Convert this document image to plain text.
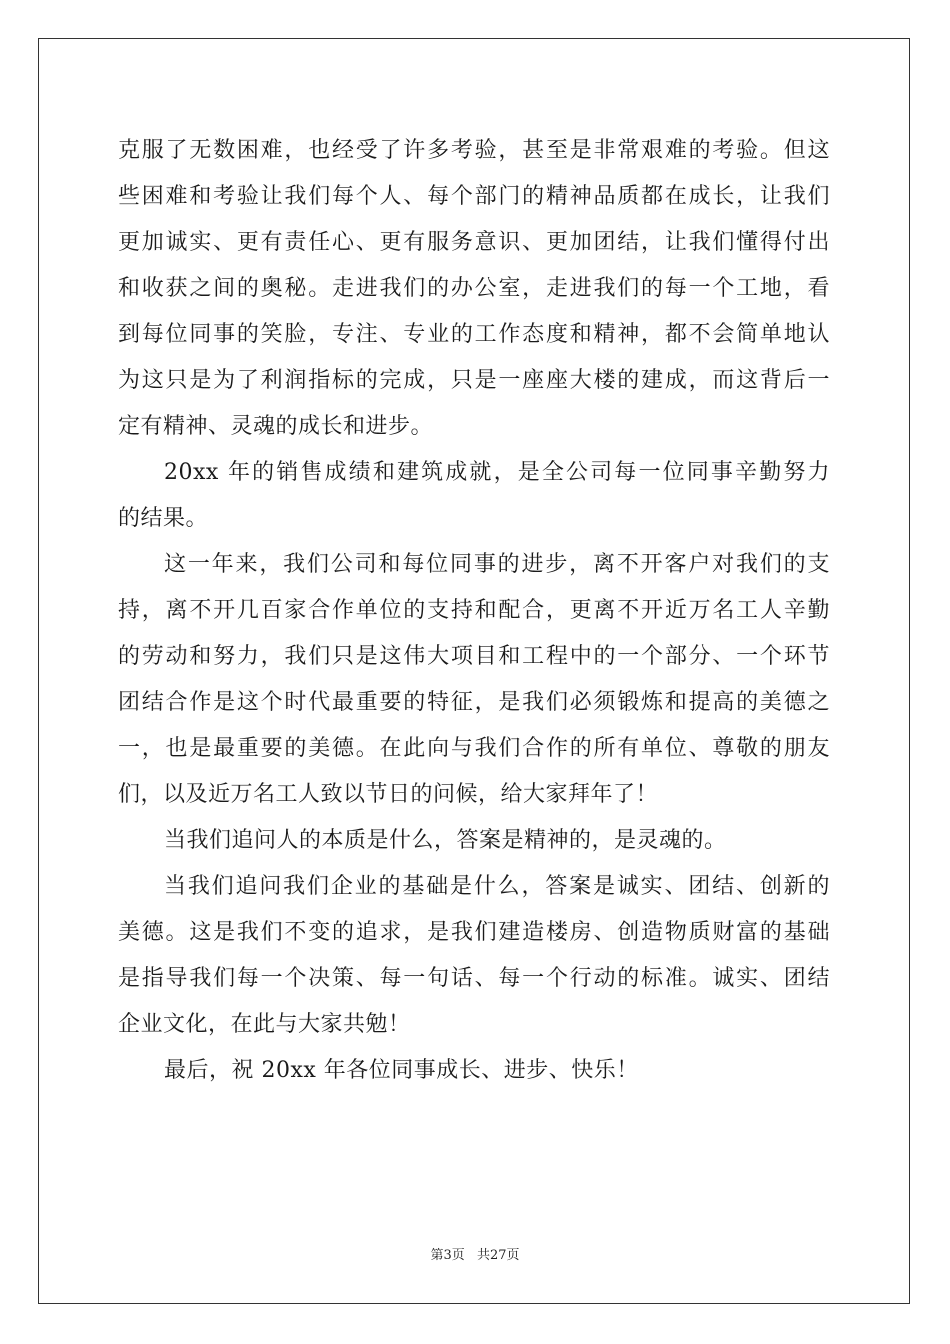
克服了无数困难，也经受了许多考验，甚至是非常艰难的考验。但这
些困难和考验让我们每个人、每个部门的精神品质都在成长，让我们
更加诚实、更有责任心、更有服务意识、更加团结，让我们懂得付出
和收获之间的奥秘。走进我们的办公室，走进我们的每一个工地，看
到每位同事的笑脸，专注、专业的工作态度和精神，都不会简单地认
为这只是为了利润指标的完成，只是一座座大楼的建成，而这背后一
定有精神、灵魂的成长和进步。
20xx 年的销售成绩和建筑成就，是全公司每一位同事辛勤努力
的结果。
这一年来，我们公司和每位同事的进步，离不开客户对我们的支
持，离不开几百家合作单位的支持和配合，更离不开近万名工人辛勤
的劳动和努力，我们只是这伟大项目和工程中的一个部分、一个环节
团结合作是这个时代最重要的特征，是我们必须锻炼和提高的美德之
一，也是最重要的美德。在此向与我们合作的所有单位、尊敬的朋友
们，以及近万名工人致以节日的问候，给大家拜年了！
当我们追问人的本质是什么，答案是精神的，是灵魂的。
当我们追问我们企业的基础是什么，答案是诚实、团结、创新的
美德。这是我们不变的追求，是我们建造楼房、创造物质财富的基础
是指导我们每一个决策、每一句话、每一个行动的标准。诚实、团结
企业文化，在此与大家共勉！
最后，祝 20xx 年各位同事成长、进步、快乐！
第3页 共27页
